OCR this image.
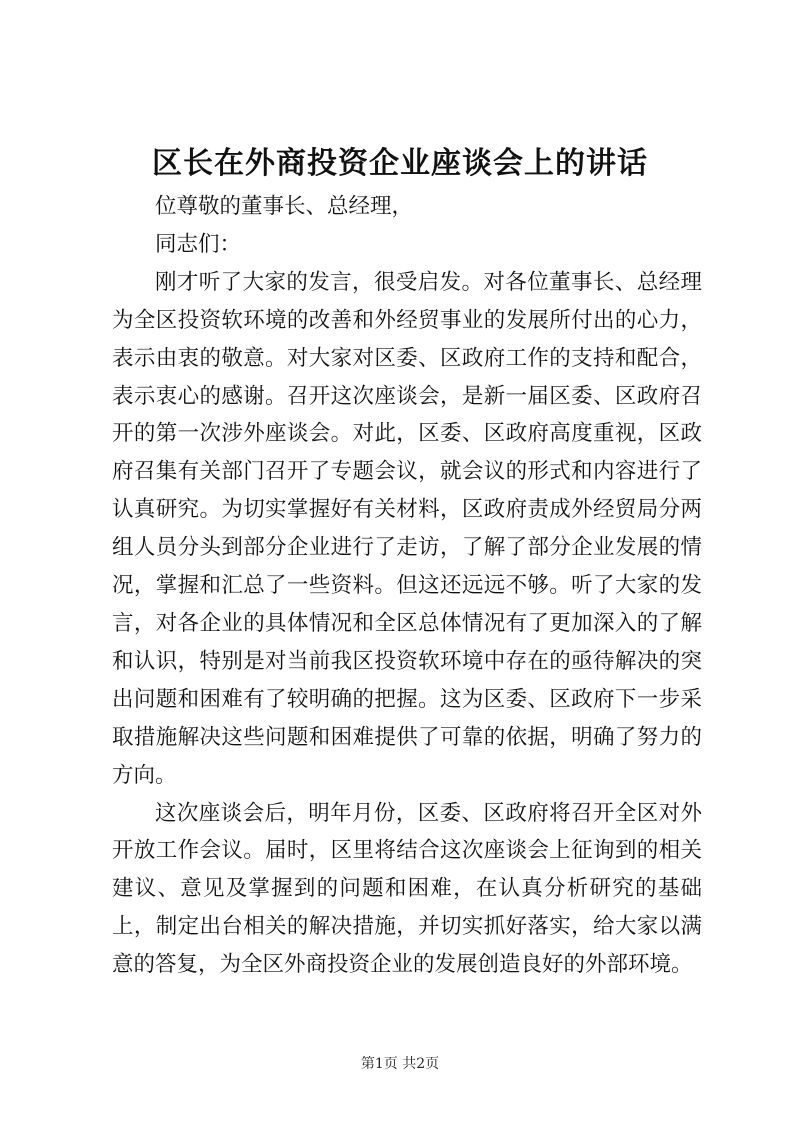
区长在外商投资企业座谈会上的讲话

位尊敬的董事长、总经理，

同志们：

刚才听了大家的发言，很受启发。对各位董事长、总经理为全区投资软环境的改善和外经贸事业的发展所付出的心力，表示由衷的敬意。对大家对区委、区政府工作的支持和配合，表示衷心的感谢。召开这次座谈会，是新一届区委、区政府召开的第一次涉外座谈会。对此，区委、区政府高度重视，区政府召集有关部门召开了专题会议，就会议的形式和内容进行了认真研究。为切实掌握好有关材料，区政府责成外经贸局分两组人员分头到部分企业进行了走访，了解了部分企业发展的情况，掌握和汇总了一些资料。但这还远远不够。听了大家的发言，对各企业的具体情况和全区总体情况有了更加深入的了解和认识，特别是对当前我区投资软环境中存在的亟待解决的突出问题和困难有了较明确的把握。这为区委、区政府下一步采取措施解决这些问题和困难提供了可靠的依据，明确了努力的方向。

这次座谈会后，明年月份，区委、区政府将召开全区对外开放工作会议。届时，区里将结合这次座谈会上征询到的相关建议、意见及掌握到的问题和困难，在认真分析研究的基础上，制定出台相关的解决措施，并切实抓好落实，给大家以满意的答复，为全区外商投资企业的发展创造良好的外部环境。

第1页 共2页
